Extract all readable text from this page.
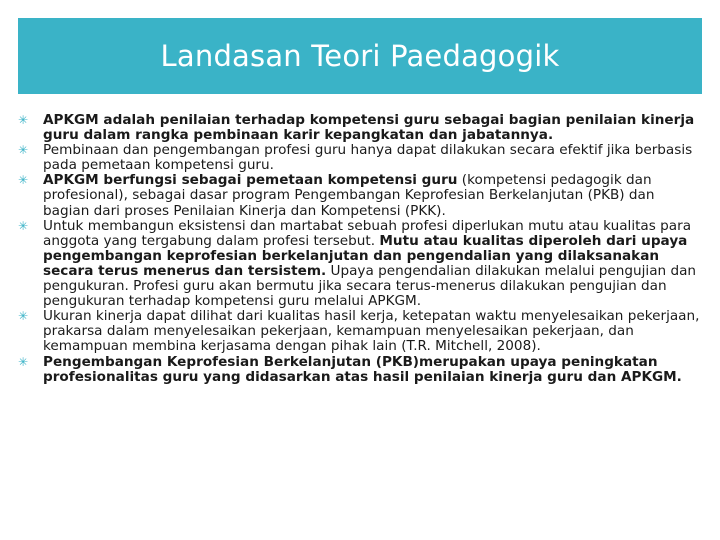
Landasan Teori Paedagogik
✳ APKGM adalah penilaian terhadap kompetensi guru sebagai bagian penilaian kinerja guru dalam rangka pembinaan karir kepangkatan dan jabatannya.
✳ Pembinaan dan pengembangan profesi guru hanya dapat dilakukan secara efektif jika berbasis pada pemetaan kompetensi guru.
✳ APKGM berfungsi sebagai pemetaan kompetensi guru (kompetensi pedagogik dan profesional), sebagai dasar program Pengembangan Keprofesian Berkelanjutan (PKB) dan bagian dari proses Penilaian Kinerja dan Kompetensi (PKK).
✳ Untuk membangun eksistensi dan martabat sebuah profesi diperlukan mutu atau kualitas para anggota yang tergabung dalam profesi tersebut. Mutu atau kualitas diperoleh dari upaya pengembangan keprofesian berkelanjutan dan pengendalian yang dilaksanakan secara terus menerus dan tersistem. Upaya pengendalian dilakukan melalui pengujian dan pengukuran. Profesi guru akan bermutu jika secara terus-menerus dilakukan pengujian dan pengukuran terhadap kompetensi guru melalui APKGM.
✳ Ukuran kinerja dapat dilihat dari kualitas hasil kerja, ketepatan waktu menyelesaikan pekerjaan, prakarsa dalam menyelesaikan pekerjaan, kemampuan menyelesaikan pekerjaan, dan kemampuan membina kerjasama dengan pihak lain (T.R. Mitchell, 2008).
✳ Pengembangan Keprofesian Berkelanjutan (PKB)merupakan upaya peningkatan profesionalitas guru yang didasarkan atas hasil penilaian kinerja guru dan APKGM.
